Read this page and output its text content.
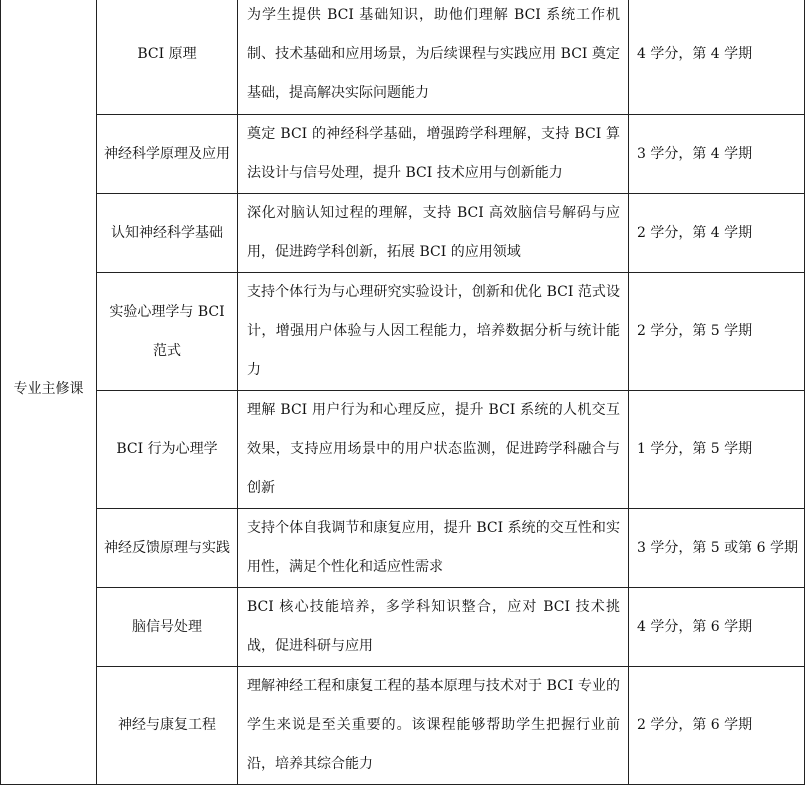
专业主修课	BCI 原理	为学生提供 BCI 基础知识，助他们理解 BCI 系统工作机制、技术基础和应用场景，为后续课程与实践应用 BCI 奠定基础，提高解决实际问题能力	4 学分，第 4 学期
	神经科学原理及应用	奠定 BCI 的神经科学基础，增强跨学科理解，支持 BCI 算法设计与信号处理，提升 BCI 技术应用与创新能力	3 学分，第 4 学期
	认知神经科学基础	深化对脑认知过程的理解，支持 BCI 高效脑信号解码与应用，促进跨学科创新，拓展 BCI 的应用领域	2 学分，第 4 学期
	实验心理学与 BCI 范式	支持个体行为与心理研究实验设计，创新和优化 BCI 范式设计，增强用户体验与人因工程能力，培养数据分析与统计能力	2 学分，第 5 学期
	BCI 行为心理学	理解 BCI 用户行为和心理反应，提升 BCI 系统的人机交互效果，支持应用场景中的用户状态监测，促进跨学科融合与创新	1 学分，第 5 学期
	神经反馈原理与实践	支持个体自我调节和康复应用，提升 BCI 系统的交互性和实用性，满足个性化和适应性需求	3 学分，第 5 或第 6 学期
	脑信号处理	BCI 核心技能培养，多学科知识整合，应对 BCI 技术挑战，促进科研与应用	4 学分，第 6 学期
	神经与康复工程	理解神经工程和康复工程的基本原理与技术对于 BCI 专业的学生来说是至关重要的。该课程能够帮助学生把握行业前沿，培养其综合能力	2 学分，第 6 学期
